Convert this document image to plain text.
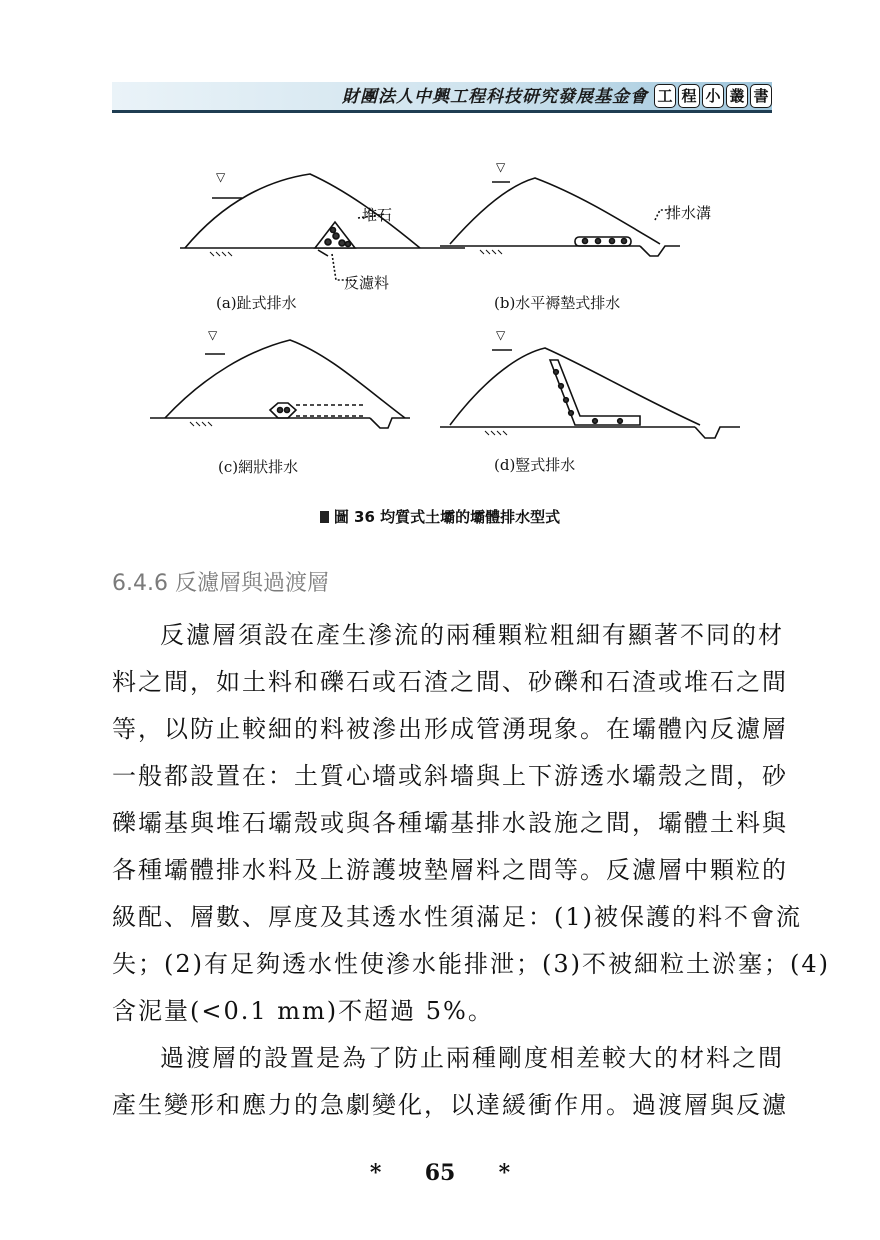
財團法人中興工程科技研究發展基金會 工 程 小 叢 書
▽
▽
▽	▽
堆石
反濾料
排水溝
(a)趾式排水	(b)水平褥墊式排水
(c)網狀排水	(d)豎式排水
圖 36 均質式土壩的壩體排水型式
6.4.6 反濾層與過渡層
反濾層須設在產生滲流的兩種顆粒粗細有顯著不同的材
料之間，如土料和礫石或石渣之間、砂礫和石渣或堆石之間
等，以防止較細的料被滲出形成管湧現象。在壩體內反濾層
一般都設置在：土質心墻或斜墻與上下游透水壩殼之間，砂
礫壩基與堆石壩殼或與各種壩基排水設施之間，壩體土料與
各種壩體排水料及上游護坡墊層料之間等。反濾層中顆粒的
級配、層數、厚度及其透水性須滿足：(1)被保護的料不會流
失；(2)有足夠透水性使滲水能排泄；(3)不被細粒土淤塞；(4)
含泥量(<0.1 mm)不超過 5%。
過渡層的設置是為了防止兩種剛度相差較大的材料之間
產生變形和應力的急劇變化，以達緩衝作用。過渡層與反濾
* 65 *
